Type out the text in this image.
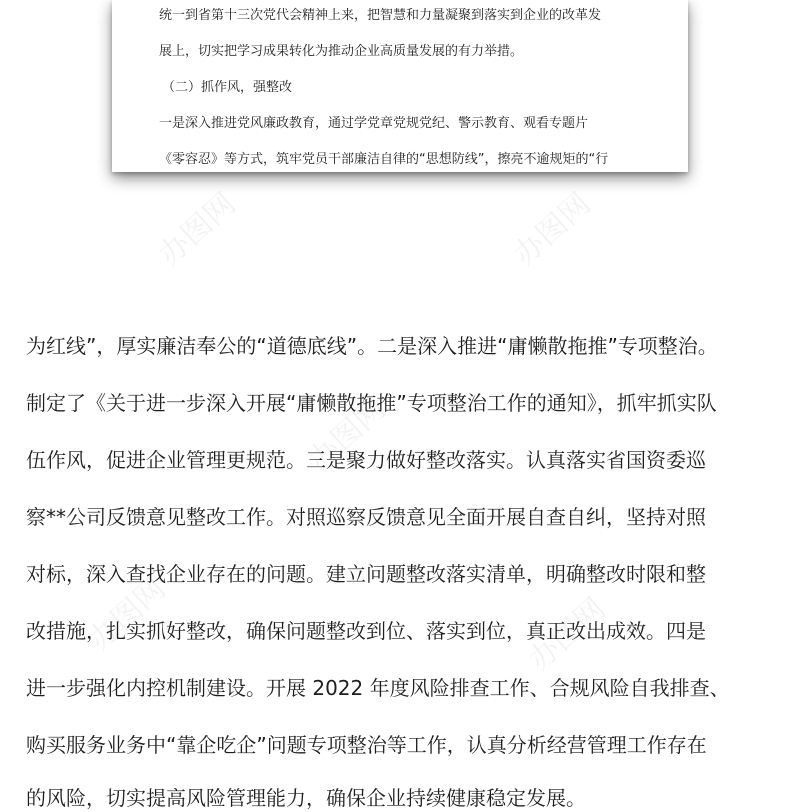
统一到省第十三次党代会精神上来，把智慧和力量凝聚到落实到企业的改革发
展上，切实把学习成果转化为推动企业高质量发展的有力举措。
（二）抓作风，强整改
一是深入推进党风廉政教育，通过学党章党规党纪、警示教育、观看专题片
《零容忍》等方式，筑牢党员干部廉洁自律的“思想防线”，擦亮不逾规矩的“行
办图网	办图网
办图网
办图网	办图网
为红线”，厚实廉洁奉公的“道德底线”。二是深入推进“庸懒散拖推”专项整治。
制定了《关于进一步深入开展“庸懒散拖推”专项整治工作的通知》，抓牢抓实队
伍作风，促进企业管理更规范。三是聚力做好整改落实。认真落实省国资委巡
察**公司反馈意见整改工作。对照巡察反馈意见全面开展自查自纠，坚持对照
对标，深入查找企业存在的问题。建立问题整改落实清单，明确整改时限和整
改措施，扎实抓好整改，确保问题整改到位、落实到位，真正改出成效。四是
进一步强化内控机制建设。开展 2022 年度风险排查工作、合规风险自我排查、
购买服务业务中“靠企吃企”问题专项整治等工作，认真分析经营管理工作存在
的风险，切实提高风险管理能力，确保企业持续健康稳定发展。
